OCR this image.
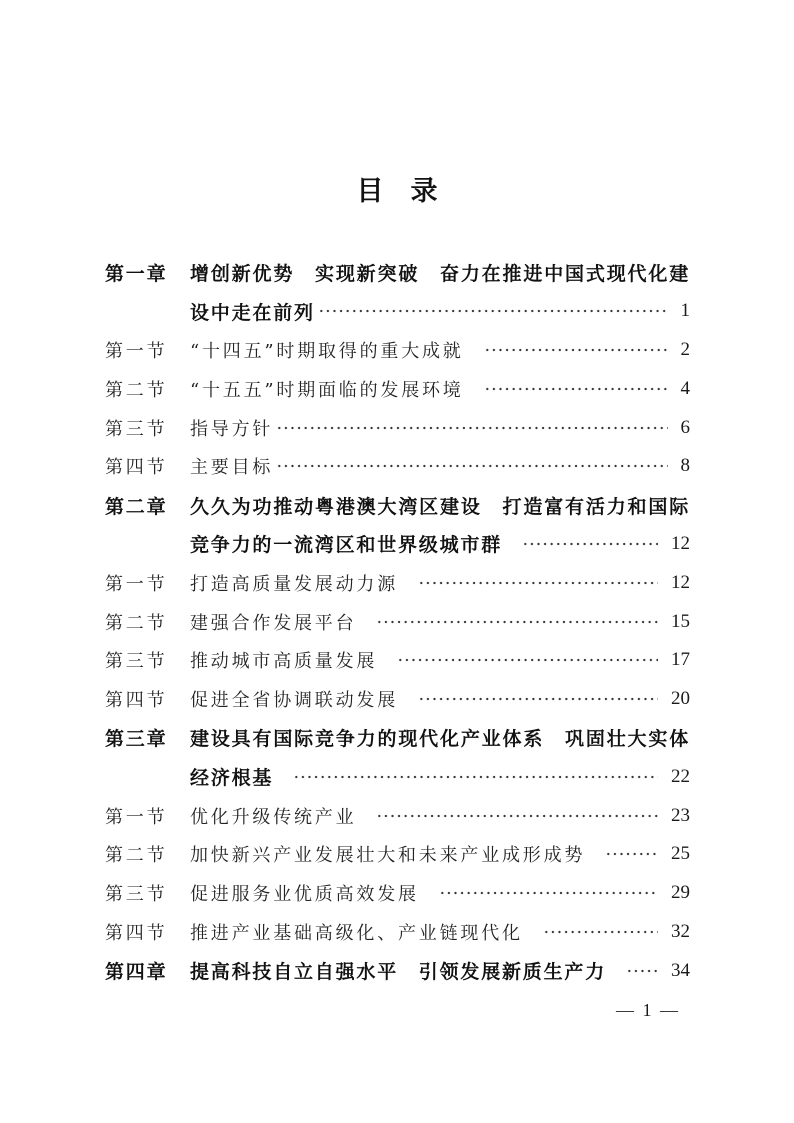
目　录
第一章	增创新优势　实现新突破　奋力在推进中国式现代化建
设中走在前列	1
第一节	“十四五”时期取得的重大成就	2
第二节	“十五五”时期面临的发展环境	4
第三节	指导方针	6
第四节	主要目标	8
第二章	久久为功推动粤港澳大湾区建设　打造富有活力和国际
竞争力的一流湾区和世界级城市群	12
第一节	打造高质量发展动力源	12
第二节	建强合作发展平台	15
第三节	推动城市高质量发展	17
第四节	促进全省协调联动发展	20
第三章	建设具有国际竞争力的现代化产业体系　巩固壮大实体
经济根基	22
第一节	优化升级传统产业	23
第二节	加快新兴产业发展壮大和未来产业成形成势	25
第三节	促进服务业优质高效发展	29
第四节	推进产业基础高级化、产业链现代化	32
第四章	提高科技自立自强水平　引领发展新质生产力	34
— 1 —
